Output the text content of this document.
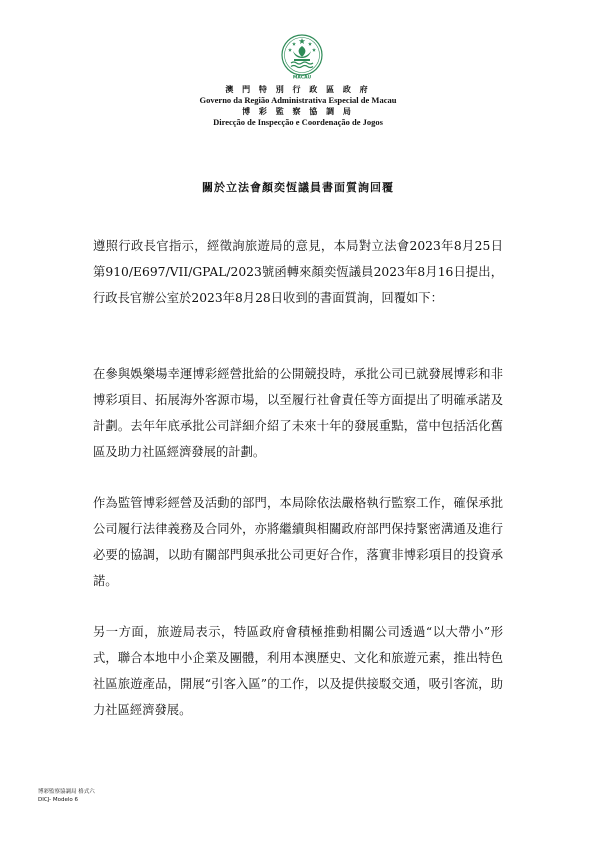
MACAU
澳 門 特 別 行 政 區 政 府
Governo da Região Administrativa Especial de Macau
博 彩 監 察 協 調 局
Direcção de Inspecção e Coordenação de Jogos
關於立法會顏奕恆議員書面質詢回覆

遵照行政長官指示，經徵詢旅遊局的意見，本局對立法會2023年8月25日第910/E697/VII/GPAL/2023號函轉來顏奕恆議員2023年8月16日提出，行政長官辦公室於2023年8月28日收到的書面質詢，回覆如下：

在參與娛樂場幸運博彩經營批給的公開競投時，承批公司已就發展博彩和非博彩項目、拓展海外客源市場，以至履行社會責任等方面提出了明確承諾及計劃。去年年底承批公司詳細介紹了未來十年的發展重點，當中包括活化舊區及助力社區經濟發展的計劃。

作為監管博彩經營及活動的部門，本局除依法嚴格執行監察工作，確保承批公司履行法律義務及合同外，亦將繼續與相關政府部門保持緊密溝通及進行必要的協調，以助有關部門與承批公司更好合作，落實非博彩項目的投資承諾。

另一方面，旅遊局表示，特區政府會積極推動相關公司透過“以大帶小”形式，聯合本地中小企業及團體，利用本澳歷史、文化和旅遊元素，推出特色社區旅遊產品，開展“引客入區”的工作，以及提供接駁交通，吸引客流，助力社區經濟發展。

博彩監察協調局 格式六
DICJ- Modelo 6
